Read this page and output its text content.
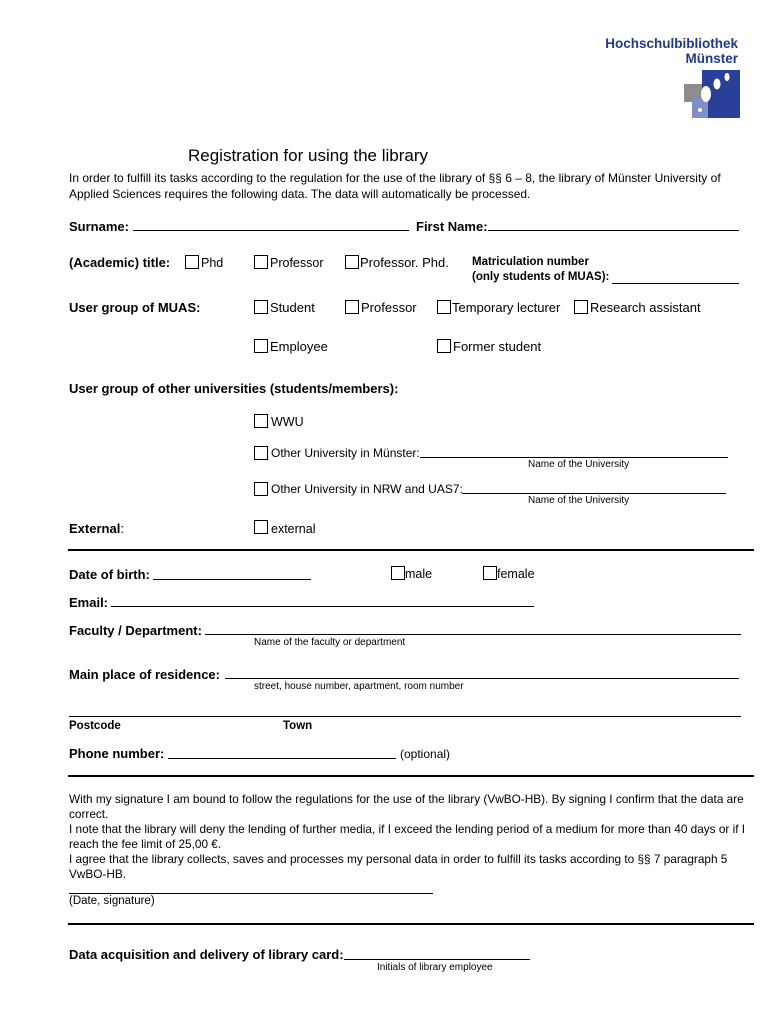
Hochschulbibliothek
Münster
Registration for using the library
In order to fulfill its tasks according to the regulation for the use of the library of §§ 6 – 8, the library of Münster University of Applied Sciences requires the following data. The data will automatically be processed.
Surname:	First Name:
(Academic) title: Phd	Professor	Professor. Phd. Matriculation number
(only students of MUAS):
User group of MUAS:	Student	Professor	Temporary lecturer Research assistant
Employee	Former student
User group of other universities (students/members):
WWU
Other University in Münster:
Name of the University
Other University in NRW and UAS7:
Name of the University
External:	external
Date of birth:	male	female
Email:
Faculty / Department:
Name of the faculty or department
Main place of residence:
street, house number, apartment, room number
Postcode	Town
Phone number:	(optional)
With my signature I am bound to follow the regulations for the use of the library (VwBO-HB). By signing I confirm that the data are correct.
I note that the library will deny the lending of further media, if I exceed the lending period of a medium for more than 40 days or if I reach the fee limit of 25,00 €.
I agree that the library collects, saves and processes my personal data in order to fulfill its tasks according to §§ 7 paragraph 5 VwBO-HB.
(Date, signature)
Data acquisition and delivery of library card:
Initials of library employee
